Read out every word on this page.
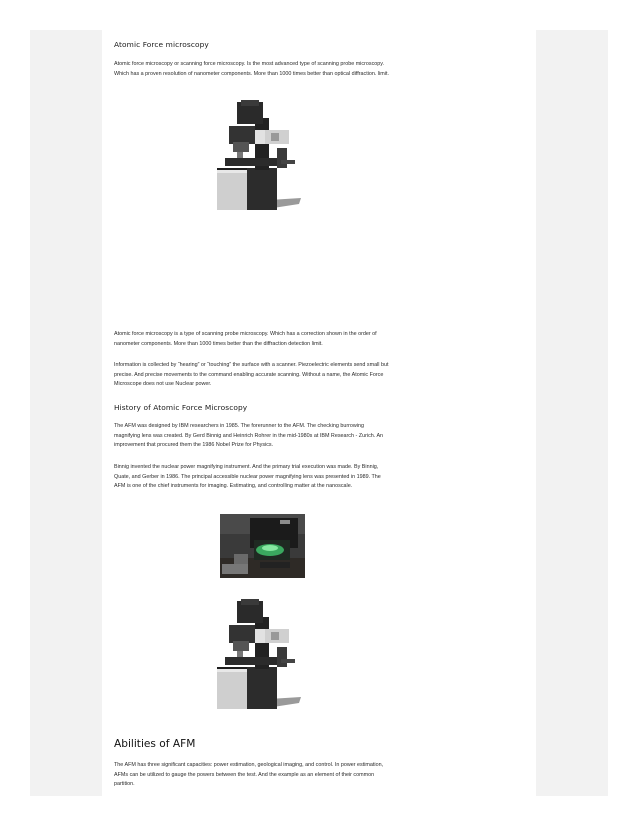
Atomic Force microscopy

Atomic force microscopy or scanning force microscopy. Is the most advanced type of scanning probe microscopy. Which has a proven resolution of nanometer components. More than 1000 times better than optical diffraction. limit.

Atomic force microscopy is a type of scanning probe microscopy. Which has a correction shown in the order of nanometer components. More than 1000 times better than the diffraction detection limit.

Information is collected by “hearing” or “touching” the surface with a scanner. Piezoelectric elements send small but precise. And precise movements to the command enabling accurate scanning. Without a name, the Atomic Force Microscope does not use Nuclear power.

History of Atomic Force Microscopy

The AFM was designed by IBM researchers in 1985. The forerunner to the AFM. The checking burrowing magnifying lens was created. By Gerd Binnig and Heinrich Rohrer in the mid-1980s at IBM Research - Zurich. An improvement that procured them the 1986 Nobel Prize for Physics.

Binnig invented the nuclear power magnifying instrument. And the primary trial execution was made. By Binnig, Quate, and Gerber in 1986. The principal accessible nuclear power magnifying lens was presented in 1989. The AFM is one of the chief instruments for imaging. Estimating, and controlling matter at the nanoscale.

Abilities of AFM

The AFM has three significant capacities: power estimation, geological imaging, and control. In power estimation, AFMs can be utilized to gauge the powers between the test. And the example as an element of their common partition.
